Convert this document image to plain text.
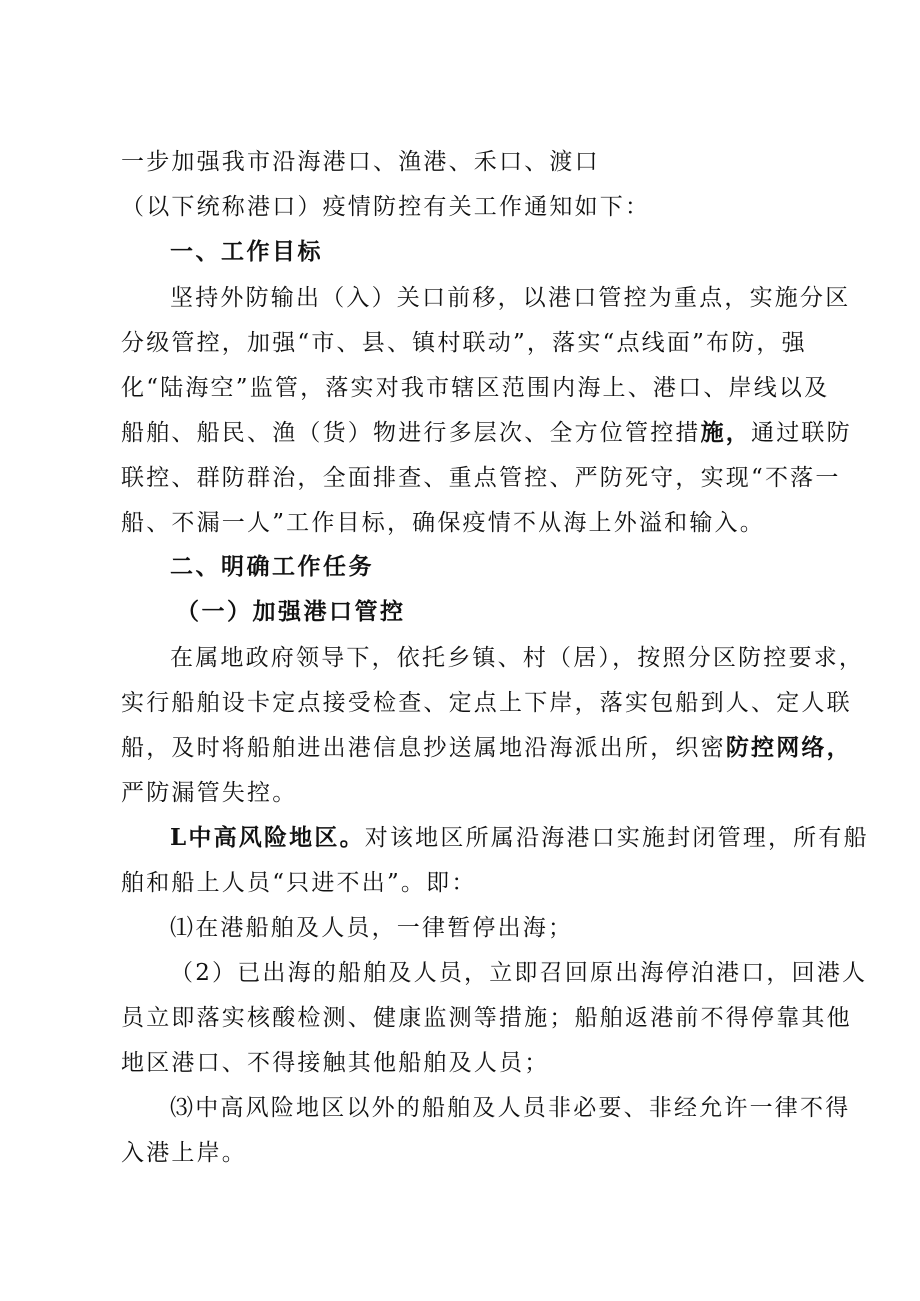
一步加强我市沿海港口、渔港、禾口、渡口
（以下统称港口）疫情防控有关工作通知如下：
一、工作目标
坚持外防输出（入）关口前移，以港口管控为重点，实施分区
分级管控，加强“市、县、镇村联动”，落实“点线面”布防，强
化“陆海空”监管，落实对我市辖区范围内海上、港口、岸线以及
船舶、船民、渔（货）物进行多层次、全方位管控措施，通过联防
联控、群防群治，全面排查、重点管控、严防死守，实现“不落一
船、不漏一人”工作目标，确保疫情不从海上外溢和输入。
二、明确工作任务
（一）加强港口管控
在属地政府领导下，依托乡镇、村（居），按照分区防控要求，
实行船舶设卡定点接受检查、定点上下岸，落实包船到人、定人联
船，及时将船舶进出港信息抄送属地沿海派出所，织密防控网络，
严防漏管失控。
L中高风险地区。对该地区所属沿海港口实施封闭管理，所有船
舶和船上人员“只进不出”。即：
⑴在港船舶及人员，一律暂停出海；
（2）已出海的船舶及人员，立即召回原出海停泊港口，回港人
员立即落实核酸检测、健康监测等措施；船舶返港前不得停靠其他
地区港口、不得接触其他船舶及人员；
⑶中高风险地区以外的船舶及人员非必要、非经允许一律不得
入港上岸。
